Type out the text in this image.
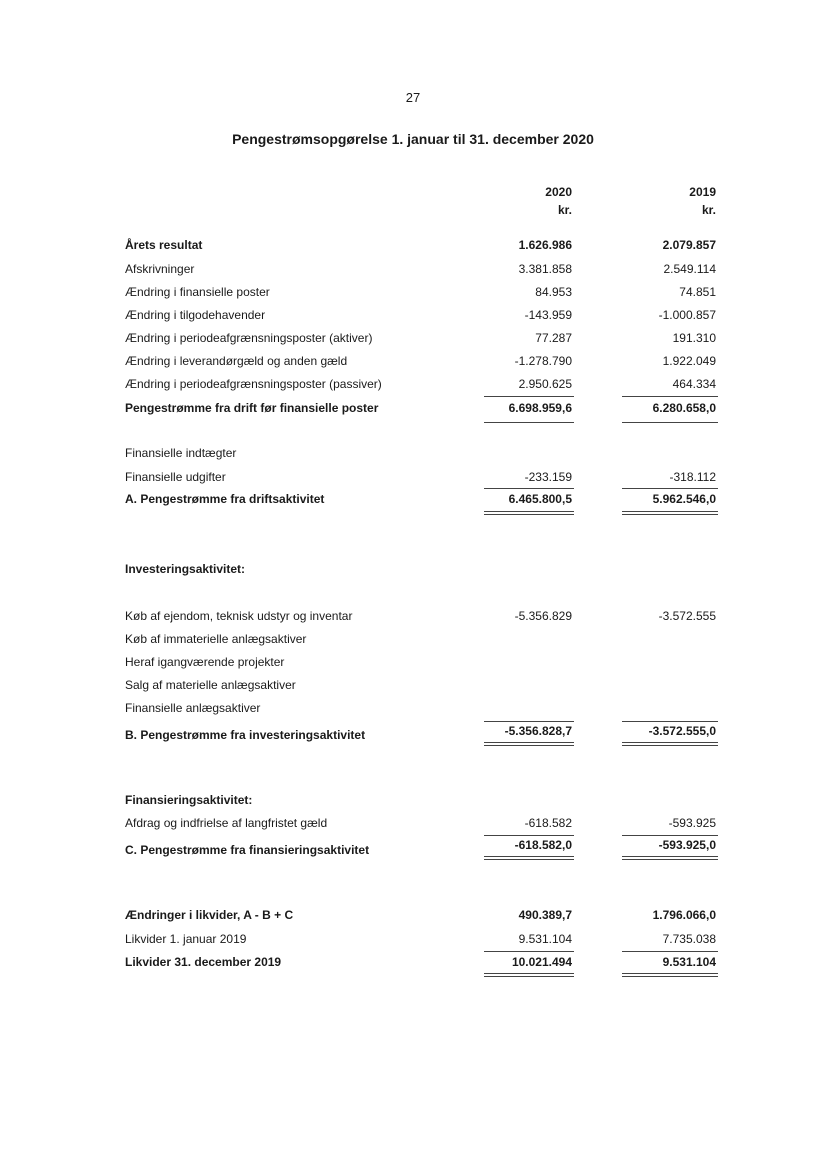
27
Pengestrømsopgørelse 1. januar til 31. december 2020
2020
kr.
2019
kr.
Årets resultat	1.626.986	2.079.857
Afskrivninger	3.381.858	2.549.114
Ændring i finansielle poster	84.953	74.851
Ændring i tilgodehavender	-143.959	-1.000.857
Ændring i periodeafgrænsningsposter (aktiver)	77.287	191.310
Ændring i leverandørgæld og anden gæld	-1.278.790	1.922.049
Ændring i periodeafgrænsningsposter (passiver)	2.950.625	464.334
Pengestrømme fra drift før finansielle poster	6.698.959,6	6.280.658,0
Finansielle indtægter
Finansielle udgifter	-233.159	-318.112
A. Pengestrømme fra driftsaktivitet	6.465.800,5	5.962.546,0
Investeringsaktivitet:
Køb af ejendom, teknisk udstyr og inventar	-5.356.829	-3.572.555
Køb af immaterielle anlægsaktiver
Heraf igangværende projekter
Salg af materielle anlægsaktiver
Finansielle anlægsaktiver
B. Pengestrømme fra investeringsaktivitet	-5.356.828,7	-3.572.555,0
Finansieringsaktivitet:
Afdrag og indfrielse af langfristet gæld	-618.582	-593.925
C. Pengestrømme fra finansieringsaktivitet	-618.582,0	-593.925,0
Ændringer i likvider, A - B + C	490.389,7	1.796.066,0
Likvider 1. januar 2019	9.531.104	7.735.038
Likvider 31. december 2019	10.021.494	9.531.104
